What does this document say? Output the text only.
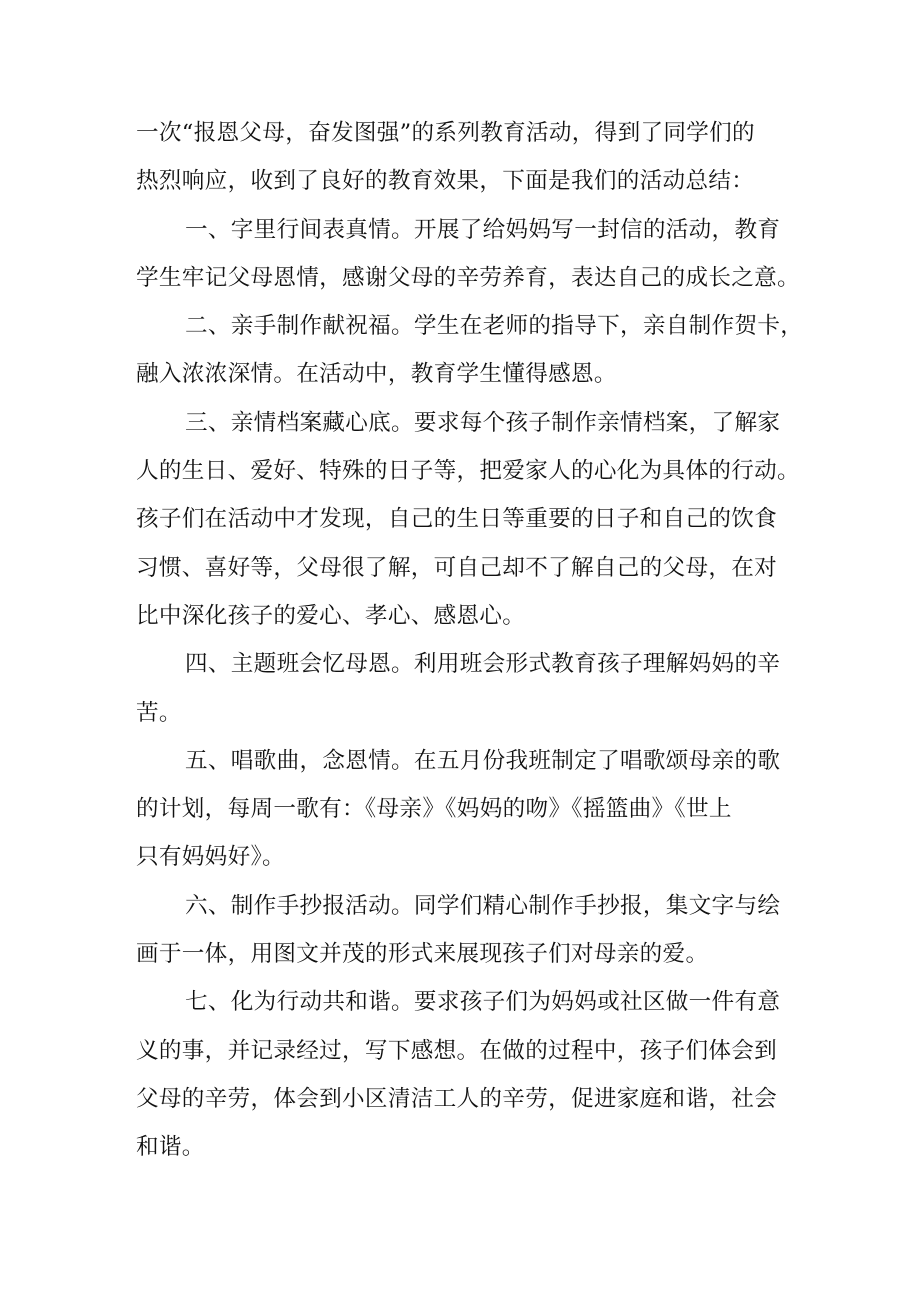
一次“报恩父母，奋发图强”的系列教育活动，得到了同学们的
热烈响应，收到了良好的教育效果，下面是我们的活动总结：
一、字里行间表真情。开展了给妈妈写一封信的活动，教育
学生牢记父母恩情，感谢父母的辛劳养育，表达自己的成长之意。
二、亲手制作献祝福。学生在老师的指导下，亲自制作贺卡，
融入浓浓深情。在活动中，教育学生懂得感恩。
三、亲情档案藏心底。要求每个孩子制作亲情档案，了解家
人的生日、爱好、特殊的日子等，把爱家人的心化为具体的行动。
孩子们在活动中才发现，自己的生日等重要的日子和自己的饮食
习惯、喜好等，父母很了解，可自己却不了解自己的父母，在对
比中深化孩子的爱心、孝心、感恩心。
四、主题班会忆母恩。利用班会形式教育孩子理解妈妈的辛
苦。
五、唱歌曲，念恩情。在五月份我班制定了唱歌颂母亲的歌
的计划，每周一歌有：《母亲》《妈妈的吻》《摇篮曲》《世上
只有妈妈好》。
六、制作手抄报活动。同学们精心制作手抄报，集文字与绘
画于一体，用图文并茂的形式来展现孩子们对母亲的爱。
七、化为行动共和谐。要求孩子们为妈妈或社区做一件有意
义的事，并记录经过，写下感想。在做的过程中，孩子们体会到
父母的辛劳，体会到小区清洁工人的辛劳，促进家庭和谐，社会
和谐。
